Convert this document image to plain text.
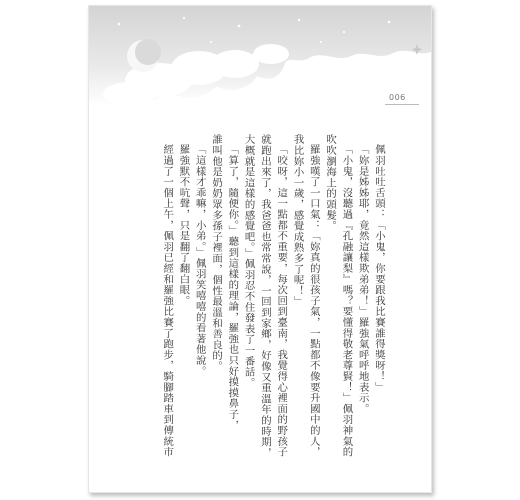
006

佩羽吐吐舌頭：「小鬼，你要跟我比賽誰得獎呀！」

「妳是姊姊耶，竟然這樣欺弟弟！」羅強氣呼呼地表示。

「小鬼，沒聽過『孔融讓梨』嗎？要懂得敬老尊賢！」佩羽神氣的

吹吹瀏海上的頭髮。

羅強嘆了一口氣：「妳真的很孩子氣，一點都不像要升國中的人，

我比妳小一歲，感覺成熟多了呢！」

「咬呀，這一點都不重要，每次回到臺南，我覺得心裡面的野孩子

就跑出來了，我爸爸也常常說，一回到家鄉，好像又重溫年的時期，

大概就是這樣的感覺吧。」佩羽忍不住發表了一番話。

「算了，隨便你。」聽到這樣的理論，羅強也只好摸摸鼻子，

誰叫他是奶奶眾多孫子裡面，個性最溫和善良的。

「這樣才乖嘛，小弟。」佩羽笑嘻嘻的看著他說。

羅強默不吭聲，只是翻了翻白眼。

經過了一個上午，佩羽已經和羅強比賽了跑步，騎腳踏車到傳統市
